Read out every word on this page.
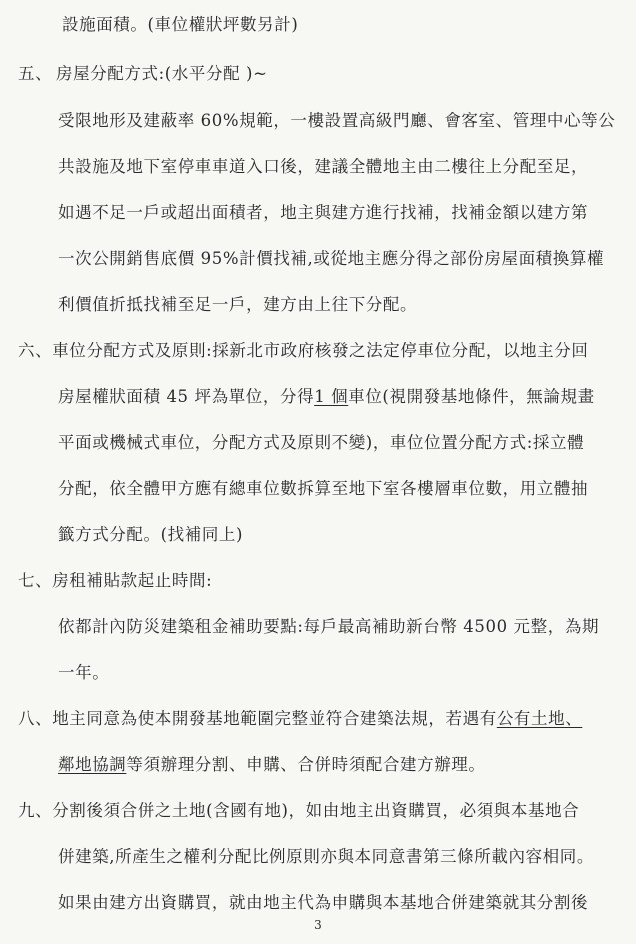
設施面積。(車位權狀坪數另計)
五、 房屋分配方式:(水平分配 )~
受限地形及建蔽率 60%規範，一樓設置高級門廳、會客室、管理中心等公
共設施及地下室停車車道入口後，建議全體地主由二樓往上分配至足，
如遇不足一戶或超出面積者，地主與建方進行找補，找補金額以建方第
一次公開銷售底價 95%計價找補,或從地主應分得之部份房屋面積換算權
利價值折抵找補至足一戶，建方由上往下分配。
六、車位分配方式及原則:採新北市政府核發之法定停車位分配，以地主分回
房屋權狀面積 45 坪為單位，分得1 個車位(視開發基地條件，無論規畫
平面或機械式車位，分配方式及原則不變)，車位位置分配方式:採立體
分配，依全體甲方應有總車位數拆算至地下室各樓層車位數，用立體抽
籤方式分配。(找補同上)
七、房租補貼款起止時間:
依都計內防災建築租金補助要點:每戶最高補助新台幣 4500 元整，為期
一年。
八、地主同意為使本開發基地範圍完整並符合建築法規，若遇有公有土地、
鄰地協調等須辦理分割、申購、合併時須配合建方辦理。
九、分割後須合併之土地(含國有地)，如由地主出資購買，必須與本基地合
併建築,所產生之權利分配比例原則亦與本同意書第三條所載內容相同。
如果由建方出資購買，就由地主代為申購與本基地合併建築就其分割後
3
